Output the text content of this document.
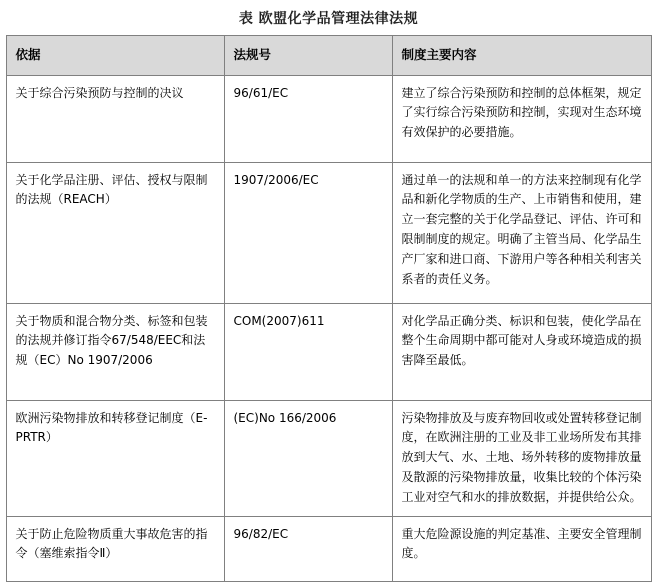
表 欧盟化学品管理法律法规
依据	法规号	制度主要内容
关于综合污染预防与控制的决议	96/61/EC	建立了综合污染预防和控制的总体框架，规定了实行综合污染预防和控制，实现对生态环境有效保护的必要措施。
关于化学品注册、评估、授权与限制的法规（REACH）	1907/2006/EC	通过单一的法规和单一的方法来控制现有化学品和新化学物质的生产、上市销售和使用，建立一套完整的关于化学品登记、评估、许可和限制制度的规定。明确了主管当局、化学品生产厂家和进口商、下游用户等各种相关利害关系者的责任义务。
关于物质和混合物分类、标签和包装的法规并修订指令67/548/EEC和法规（EC）No 1907/2006	COM(2007)611	对化学品正确分类、标识和包装，使化学品在整个生命周期中都可能对人身或环境造成的损害降至最低。
欧洲污染物排放和转移登记制度（E-PRTR）	(EC)No 166/2006	污染物排放及与废弃物回收或处置转移登记制度，在欧洲注册的工业及非工业场所发布其排放到大气、水、土地、场外转移的废物排放量及散源的污染物排放量，收集比较的个体污染工业对空气和水的排放数据，并提供给公众。
关于防止危险物质重大事故危害的指令（塞维索指令Ⅱ）	96/82/EC	重大危险源设施的判定基准、主要安全管理制度。
